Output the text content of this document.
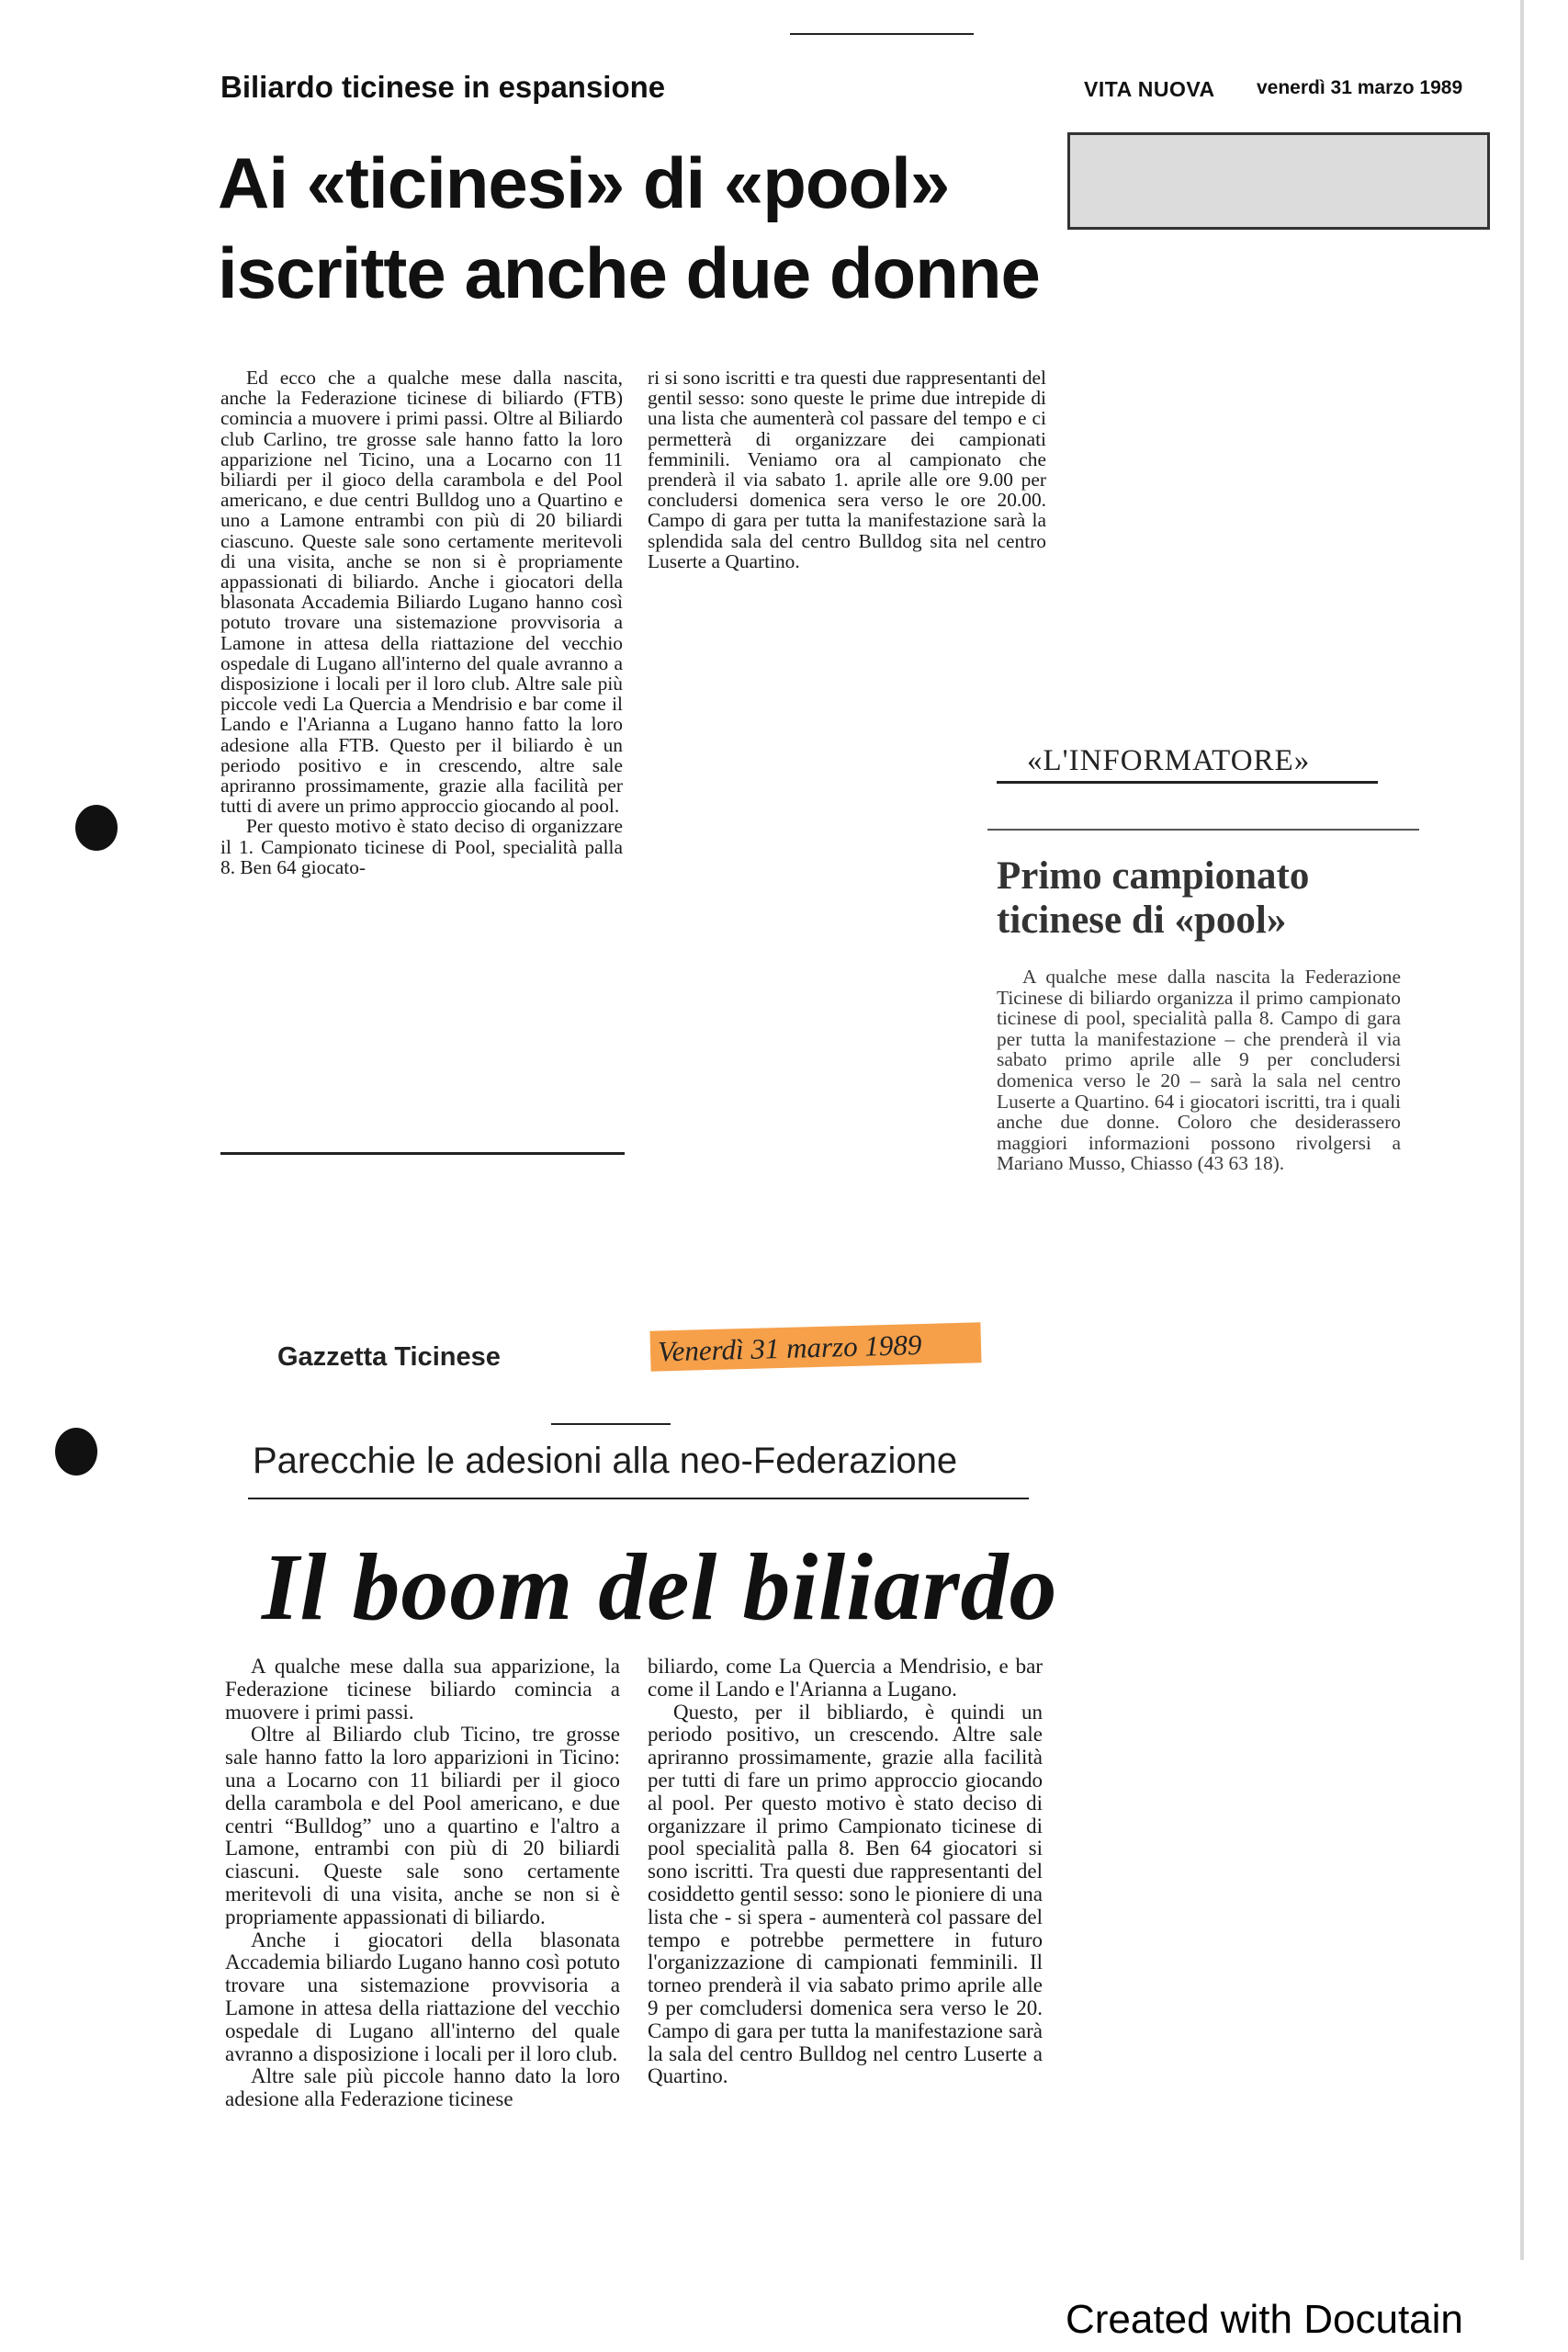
Biliardo ticinese in espansione	VITA NUOVA venerdì 31 marzo 1989
Ai «ticinesi» di «pool»
iscritte anche due donne

Ed ecco che a qualche mese dalla nascita, anche la Federazione ticinese di biliardo (FTB) comincia a muovere i primi passi. Oltre al Biliardo club Carlino, tre grosse sale hanno fatto la loro apparizione nel Ticino, una a Locarno con 11 biliardi per il gioco della carambola e del Pool americano, e due centri Bulldog uno a Quartino e uno a Lamone entrambi con più di 20 biliardi ciascuno. Queste sale sono certamente meritevoli di una visita, anche se non si è propriamente appassionati di biliardo. Anche i giocatori della blasonata Accademia Biliardo Lugano hanno così potuto trovare una sistemazione provvisoria a Lamone in attesa della riattazione del vecchio ospedale di Lugano all'interno del quale avranno a disposizione i locali per il loro club. Altre sale più piccole vedi La Quercia a Mendrisio e bar come il Lando e l'Arianna a Lugano hanno fatto la loro adesione alla FTB. Questo per il biliardo è un periodo positivo e in crescendo, altre sale apriranno prossimamente, grazie alla facilità per tutti di avere un primo approccio giocando al pool.

Per questo motivo è stato deciso di organizzare il 1. Campionato ticinese di Pool, specialità palla 8. Ben 64 giocato-

ri si sono iscritti e tra questi due rappresentanti del gentil sesso: sono queste le prime due intrepide di una lista che aumenterà col passare del tempo e ci permetterà di organizzare dei campionati femminili. Veniamo ora al campionato che prenderà il via sabato 1. aprile alle ore 9.00 per concludersi domenica sera verso le ore 20.00. Campo di gara per tutta la manifestazione sarà la splendida sala del centro Bulldog sita nel centro Luserte a Quartino.

«L'INFORMATORE»
Primo campionato
ticinese di «pool»
A qualche mese dalla nascita la Federazione Ticinese di biliardo organizza il primo campionato ticinese di pool, specialità palla 8. Campo di gara per tutta la manifestazione – che prenderà il via sabato primo aprile alle 9 per concludersi domenica verso le 20 – sarà la sala nel centro Luserte a Quartino. 64 i giocatori iscritti, tra i quali anche due donne. Coloro che desiderassero maggiori informazioni possono rivolgersi a Mariano Musso, Chiasso (43 63 18).
Gazzetta Ticinese	Venerdì 31 marzo 1989
Parecchie le adesioni alla neo-Federazione
Il boom del biliardo

A qualche mese dalla sua apparizione, la Federazione ticinese biliardo comincia a muovere i primi passi.

Oltre al Biliardo club Ticino, tre grosse sale hanno fatto la loro apparizioni in Ticino: una a Locarno con 11 biliardi per il gioco della carambola e del Pool americano, e due centri “Bulldog” uno a quartino e l'altro a Lamone, entrambi con più di 20 biliardi ciascuni. Queste sale sono certamente meritevoli di una visita, anche se non si è propriamente appassionati di biliardo.

Anche i giocatori della blasonata Accademia biliardo Lugano hanno così potuto trovare una sistemazione provvisoria a Lamone in attesa della riattazione del vecchio ospedale di Lugano all'interno del quale avranno a disposizione i locali per il loro club.

Altre sale più piccole hanno dato la loro adesione alla Federazione ticinese

biliardo, come La Quercia a Mendrisio, e bar come il Lando e l'Arianna a Lugano.

Questo, per il bibliardo, è quindi un periodo positivo, un crescendo. Altre sale apriranno prossimamente, grazie alla facilità per tutti di fare un primo approccio giocando al pool. Per questo motivo è stato deciso di organizzare il primo Campionato ticinese di pool specialità palla 8. Ben 64 giocatori si sono iscritti. Tra questi due rappresentanti del cosiddetto gentil sesso: sono le pioniere di una lista che - si spera - aumenterà col passare del tempo e potrebbe permettere in futuro l'organizzazione di campionati femminili. Il torneo prenderà il via sabato primo aprile alle 9 per comcludersi domenica sera verso le 20. Campo di gara per tutta la manifestazione sarà la sala del centro Bulldog nel centro Luserte a Quartino.

Created with Docutain
